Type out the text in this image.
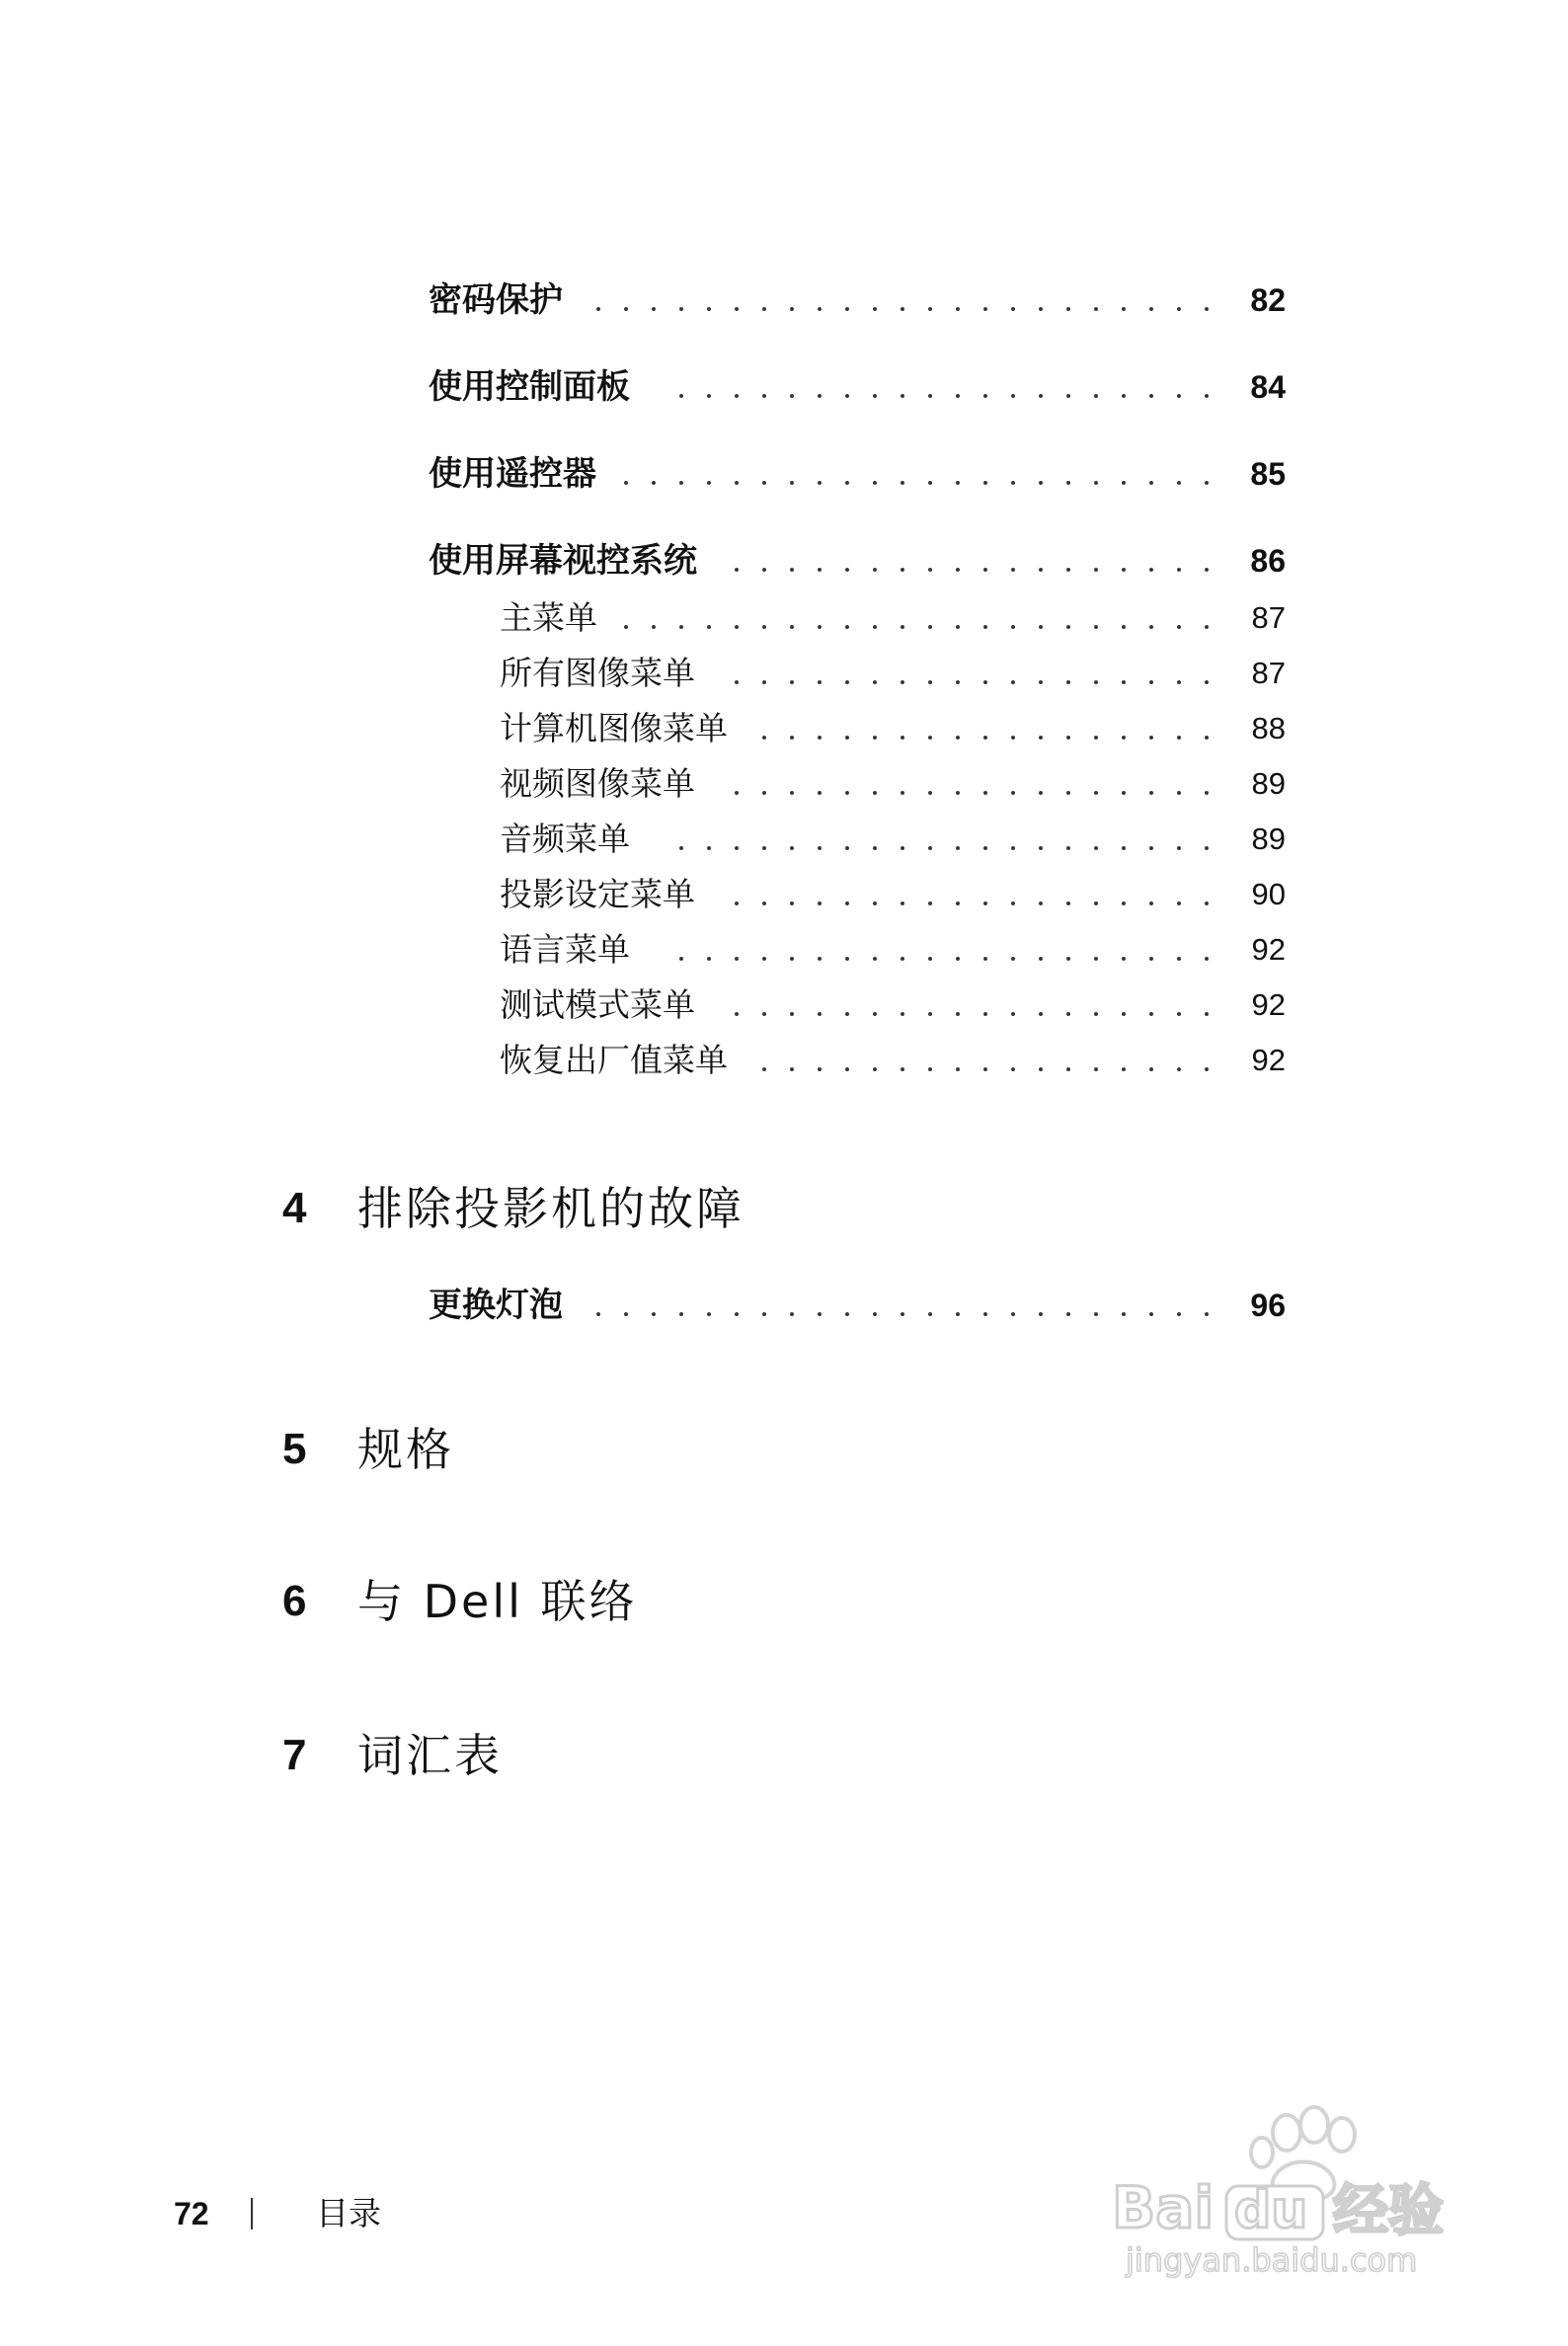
密码保护	82
使用控制面板	84
使用遥控器	85
使用屏幕视控系统	86
主菜单	87
所有图像菜单	87
计算机图像菜单	88
视频图像菜单	89
音频菜单	89
投影设定菜单	90
语言菜单	92
测试模式菜单	92
恢复出厂值菜单	92
4 排除投影机的故障
更换灯泡	96
5 规格
6 与 Dell 联络
7 词汇表
72	目录	Bai du 经验
jingyan.baidu.com
